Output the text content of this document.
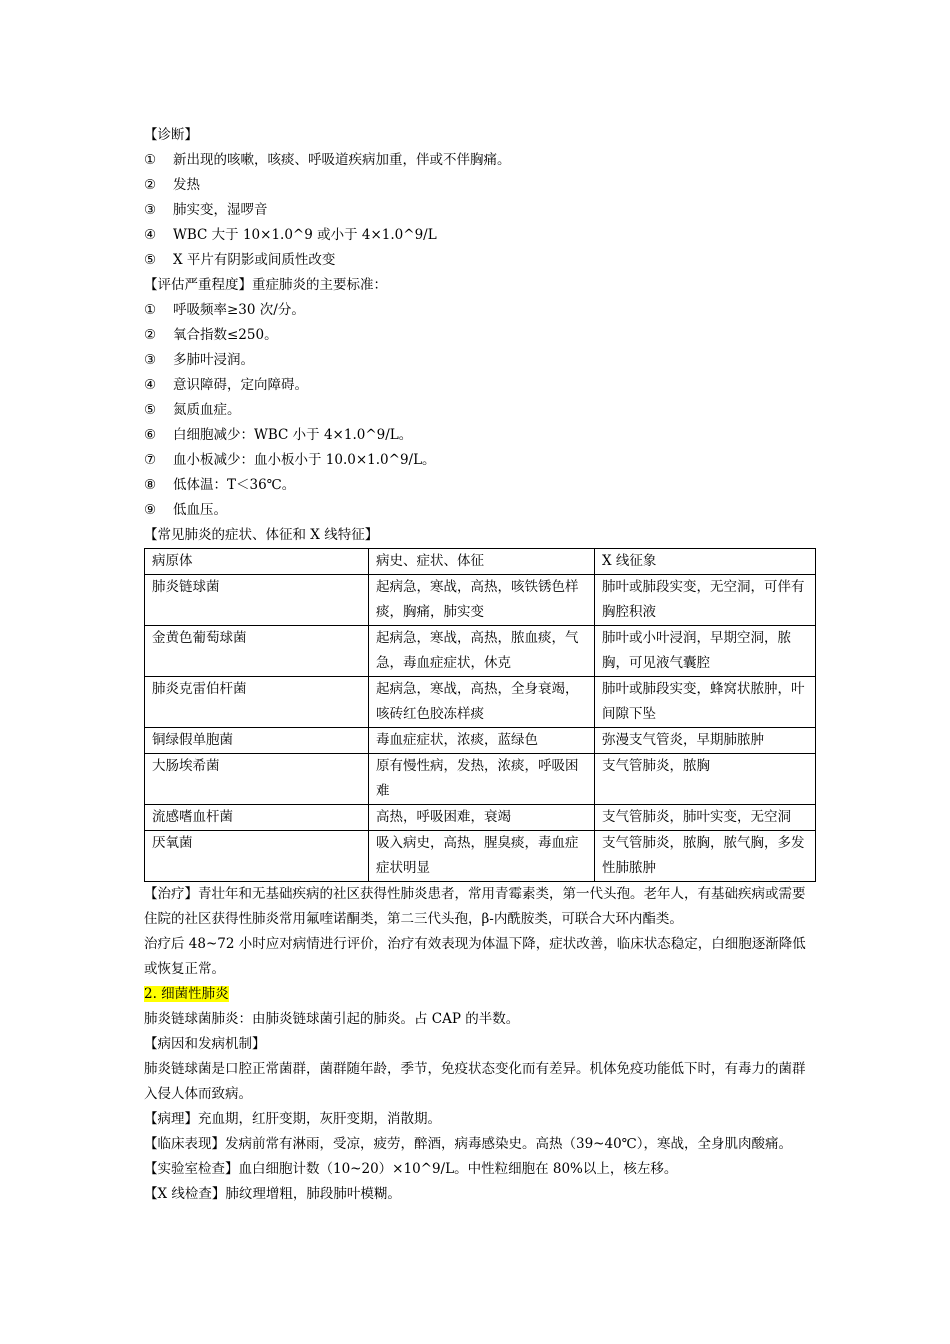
【诊断】
①	新出现的咳嗽，咳痰、呼吸道疾病加重，伴或不伴胸痛。
②	发热
③	肺实变，湿啰音
④	WBC 大于 10×1.0^9 或小于 4×1.0^9/L
⑤	X 平片有阴影或间质性改变
【评估严重程度】重症肺炎的主要标准：
①	呼吸频率≥30 次/分。
②	氧合指数≤250。
③	多肺叶浸润。
④	意识障碍，定向障碍。
⑤	氮质血症。
⑥	白细胞减少：WBC 小于 4×1.0^9/L。
⑦	血小板减少：血小板小于 10.0×1.0^9/L。
⑧	低体温：T＜36℃。
⑨	低血压。
【常见肺炎的症状、体征和 X 线特征】
病原体	病史、症状、体征	X 线征象
肺炎链球菌	起病急，寒战，高热，咳铁锈色样痰，胸痛，肺实变	肺叶或肺段实变，无空洞，可伴有胸腔积液
金黄色葡萄球菌	起病急，寒战，高热，脓血痰，气急，毒血症症状，休克	肺叶或小叶浸润，早期空洞，脓胸，可见液气囊腔
肺炎克雷伯杆菌	起病急，寒战，高热，全身衰竭，咳砖红色胶冻样痰	肺叶或肺段实变，蜂窝状脓肿，叶间隙下坠
铜绿假单胞菌	毒血症症状，浓痰，蓝绿色	弥漫支气管炎，早期肺脓肿
大肠埃希菌	原有慢性病，发热，浓痰，呼吸困难	支气管肺炎，脓胸
流感嗜血杆菌	高热，呼吸困难，衰竭	支气管肺炎，肺叶实变，无空洞
厌氧菌	吸入病史，高热，腥臭痰，毒血症症状明显	支气管肺炎，脓胸，脓气胸，多发性肺脓肿
【治疗】青壮年和无基础疾病的社区获得性肺炎患者，常用青霉素类，第一代头孢。老年人，有基础疾病或需要住院的社区获得性肺炎常用氟喹诺酮类，第二三代头孢，β-内酰胺类，可联合大环内酯类。
治疗后 48~72 小时应对病情进行评价，治疗有效表现为体温下降，症状改善，临床状态稳定，白细胞逐渐降低或恢复正常。
2. 细菌性肺炎
肺炎链球菌肺炎：由肺炎链球菌引起的肺炎。占 CAP 的半数。
【病因和发病机制】
肺炎链球菌是口腔正常菌群，菌群随年龄，季节，免疫状态变化而有差异。机体免疫功能低下时，有毒力的菌群入侵人体而致病。
【病理】充血期，红肝变期，灰肝变期，消散期。
【临床表现】发病前常有淋雨，受凉，疲劳，醉酒，病毒感染史。高热（39~40℃），寒战，全身肌肉酸痛。
【实验室检查】血白细胞计数（10~20）×10^9/L。中性粒细胞在 80%以上，核左移。
【X 线检查】肺纹理增粗，肺段肺叶模糊。
